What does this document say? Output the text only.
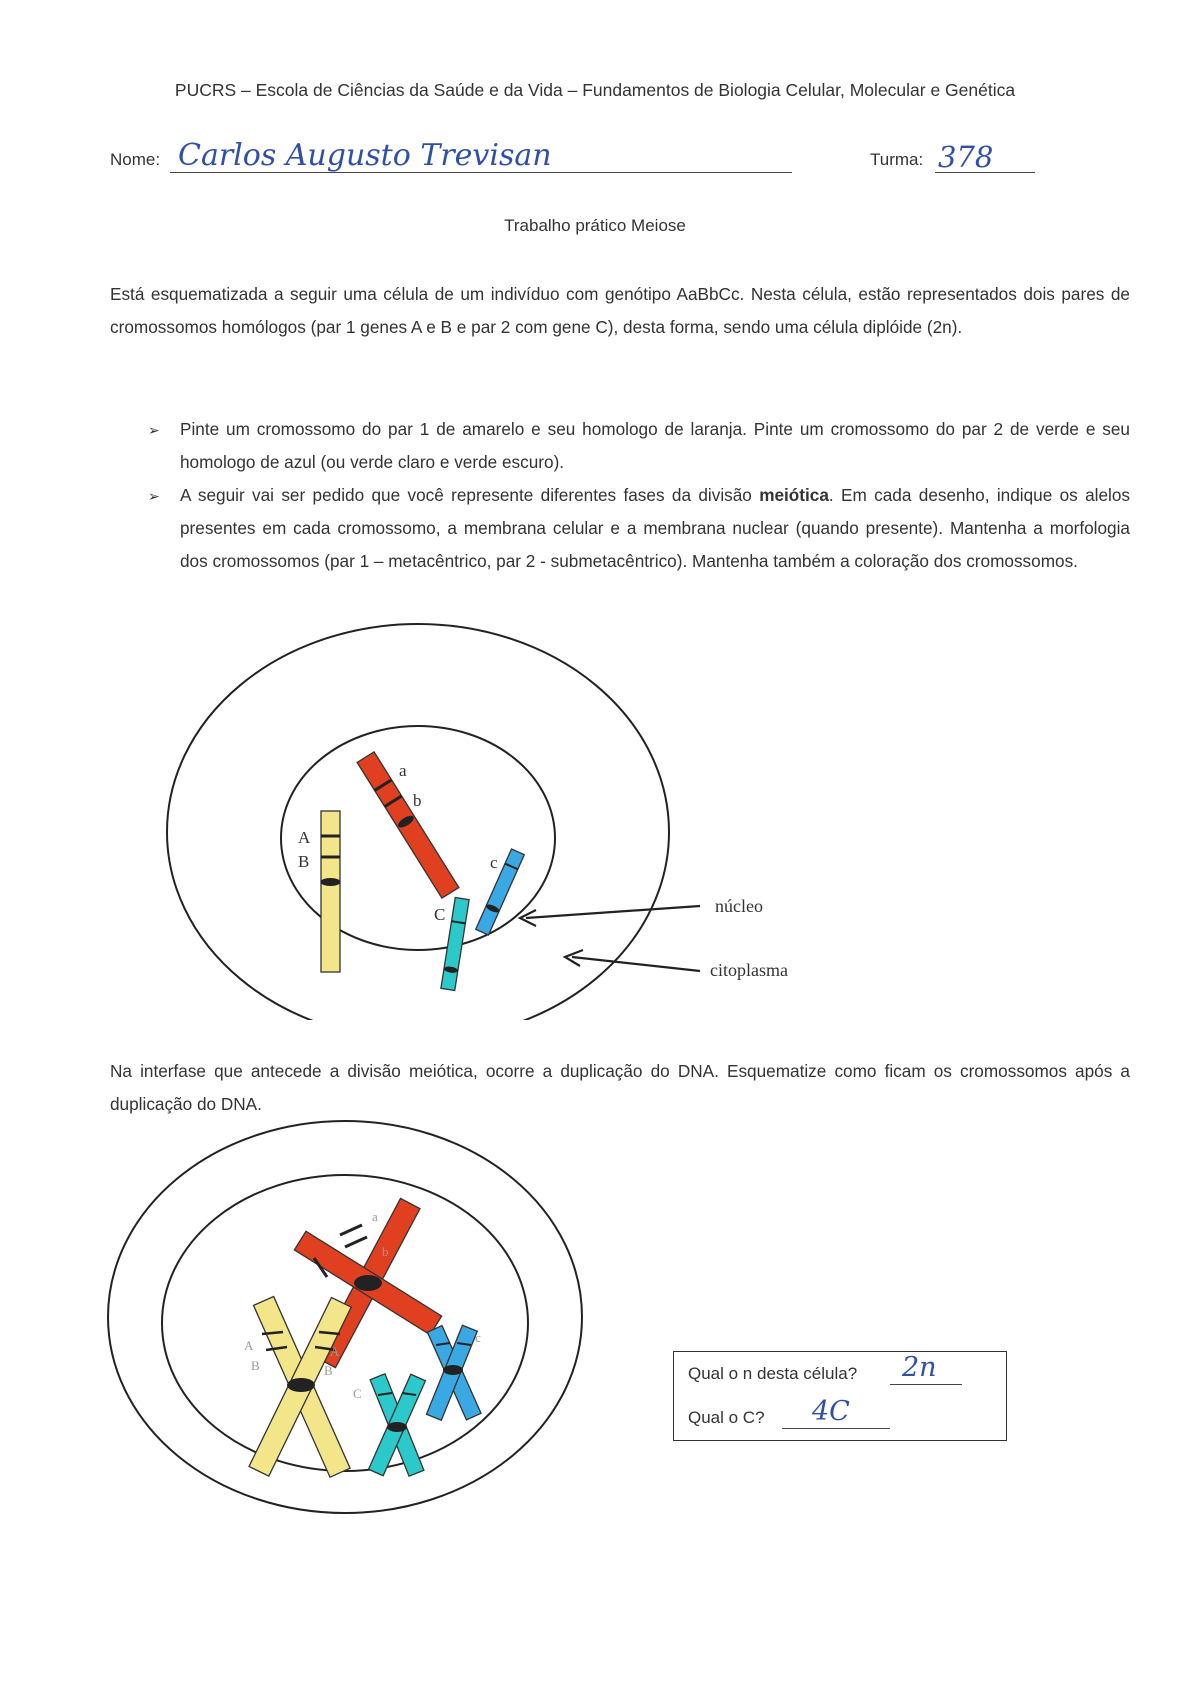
PUCRS – Escola de Ciências da Saúde e da Vida – Fundamentos de Biologia Celular, Molecular e Genética
Nome: Carlos Augusto Trevisan	Turma: 378
Trabalho prático Meiose
Está esquematizada a seguir uma célula de um indivíduo com genótipo AaBbCc. Nesta célula, estão representados dois pares de cromossomos homólogos (par 1 genes A e B e par 2 com gene C), desta forma, sendo uma célula diplóide (2n).
➢	Pinte um cromossomo do par 1 de amarelo e seu homologo de laranja. Pinte um cromossomo do par 2 de verde e seu homologo de azul (ou verde claro e verde escuro).
➢	A seguir vai ser pedido que você represente diferentes fases da divisão meiótica. Em cada desenho, indique os alelos presentes em cada cromossomo, a membrana celular e a membrana nuclear (quando presente). Mantenha a morfologia dos cromossomos (par 1 – metacêntrico, par 2 - submetacêntrico). Mantenha também a coloração dos cromossomos.
A
B
a
b
c
C	núcleo
citoplasma
Na interfase que antecede a divisão meiótica, ocorre a duplicação do DNA. Esquematize como ficam os cromossomos após a duplicação do DNA.
A
B
A
B
a
b
C
c
Qual o n desta célula? 2n
Qual o C? 4C
